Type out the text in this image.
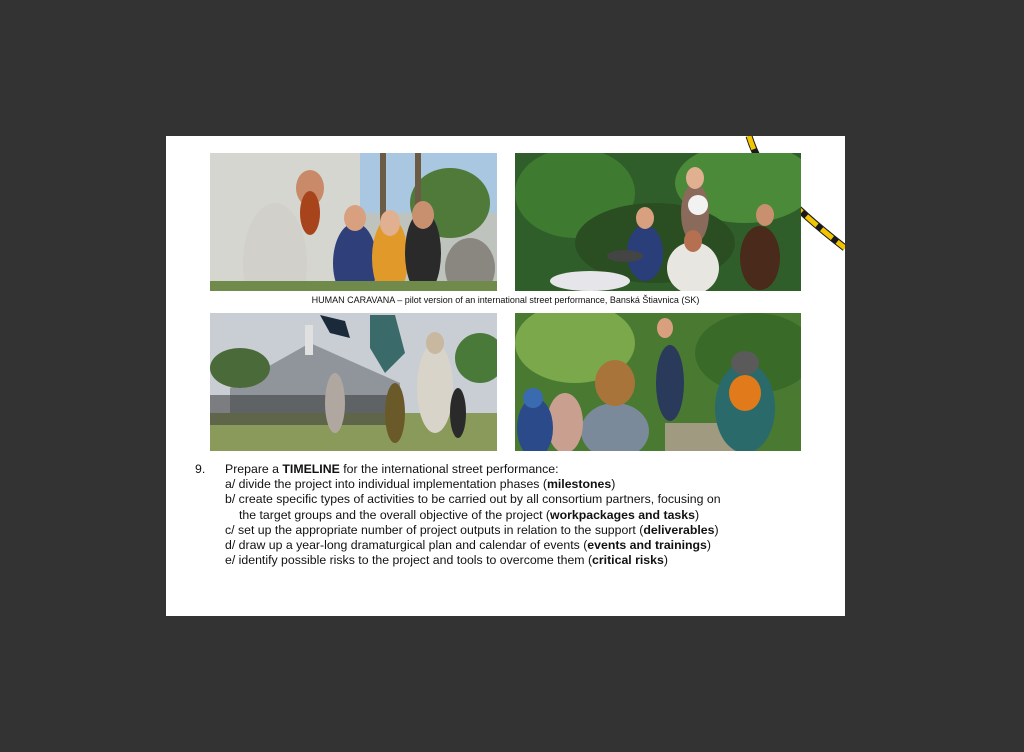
HUMAN CARAVANA – pilot version of an international street performance, Banská Štiavnica (SK)
9. Prepare a TIMELINE for the international street performance:
a/ divide the project into individual implementation phases (milestones)
b/ create specific types of activities to be carried out by all consortium partners, focusing on
the target groups and the overall objective of the project (workpackages and tasks)
c/ set up the appropriate number of project outputs in relation to the support (deliverables)
d/ draw up a year-long dramaturgical plan and calendar of events (events and trainings)
e/ identify possible risks to the project and tools to overcome them (critical risks)
